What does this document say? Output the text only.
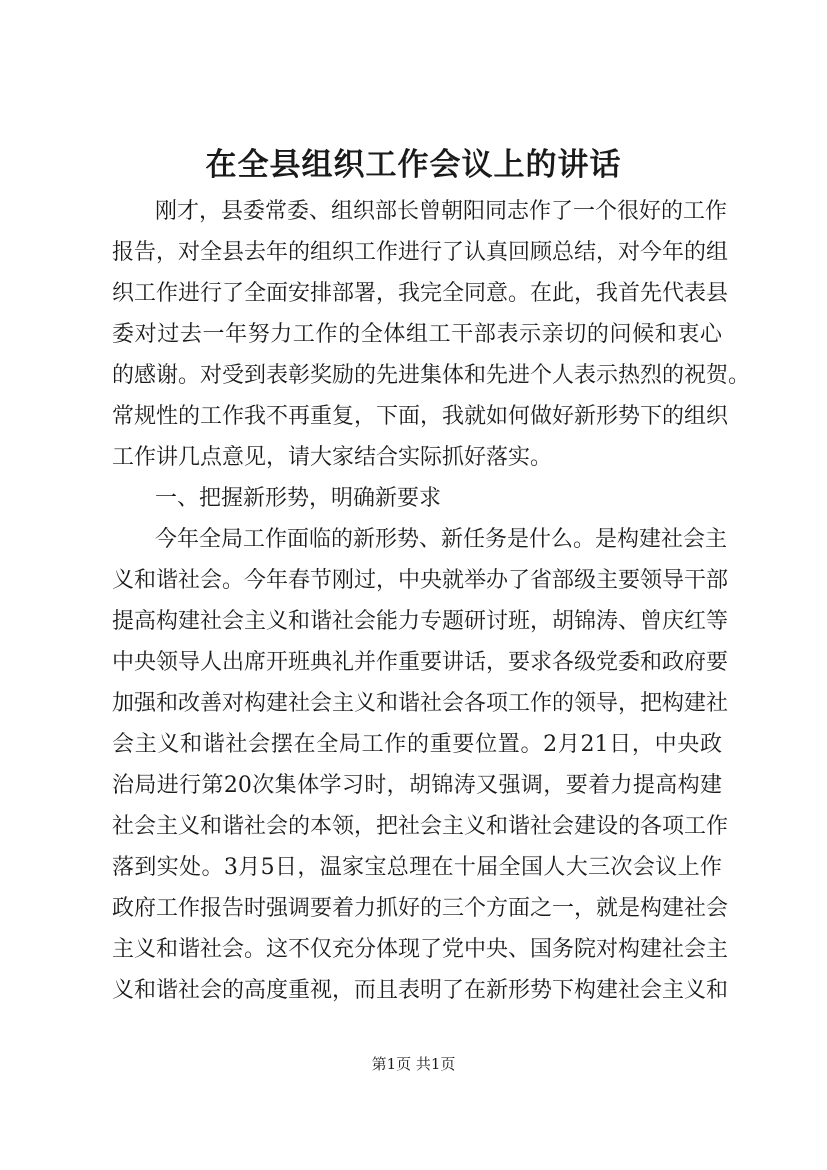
在全县组织工作会议上的讲话
刚才，县委常委、组织部长曾朝阳同志作了一个很好的工作
报告，对全县去年的组织工作进行了认真回顾总结，对今年的组
织工作进行了全面安排部署，我完全同意。在此，我首先代表县
委对过去一年努力工作的全体组工干部表示亲切的问候和衷心
的感谢。对受到表彰奖励的先进集体和先进个人表示热烈的祝贺。
常规性的工作我不再重复，下面，我就如何做好新形势下的组织
工作讲几点意见，请大家结合实际抓好落实。
一、把握新形势，明确新要求
今年全局工作面临的新形势、新任务是什么。是构建社会主
义和谐社会。今年春节刚过，中央就举办了省部级主要领导干部
提高构建社会主义和谐社会能力专题研讨班，胡锦涛、曾庆红等
中央领导人出席开班典礼并作重要讲话，要求各级党委和政府要
加强和改善对构建社会主义和谐社会各项工作的领导，把构建社
会主义和谐社会摆在全局工作的重要位置。2月21日，中央政
治局进行第20次集体学习时，胡锦涛又强调，要着力提高构建
社会主义和谐社会的本领，把社会主义和谐社会建设的各项工作
落到实处。3月5日，温家宝总理在十届全国人大三次会议上作
政府工作报告时强调要着力抓好的三个方面之一，就是构建社会
主义和谐社会。这不仅充分体现了党中央、国务院对构建社会主
义和谐社会的高度重视，而且表明了在新形势下构建社会主义和
第1页 共1页
